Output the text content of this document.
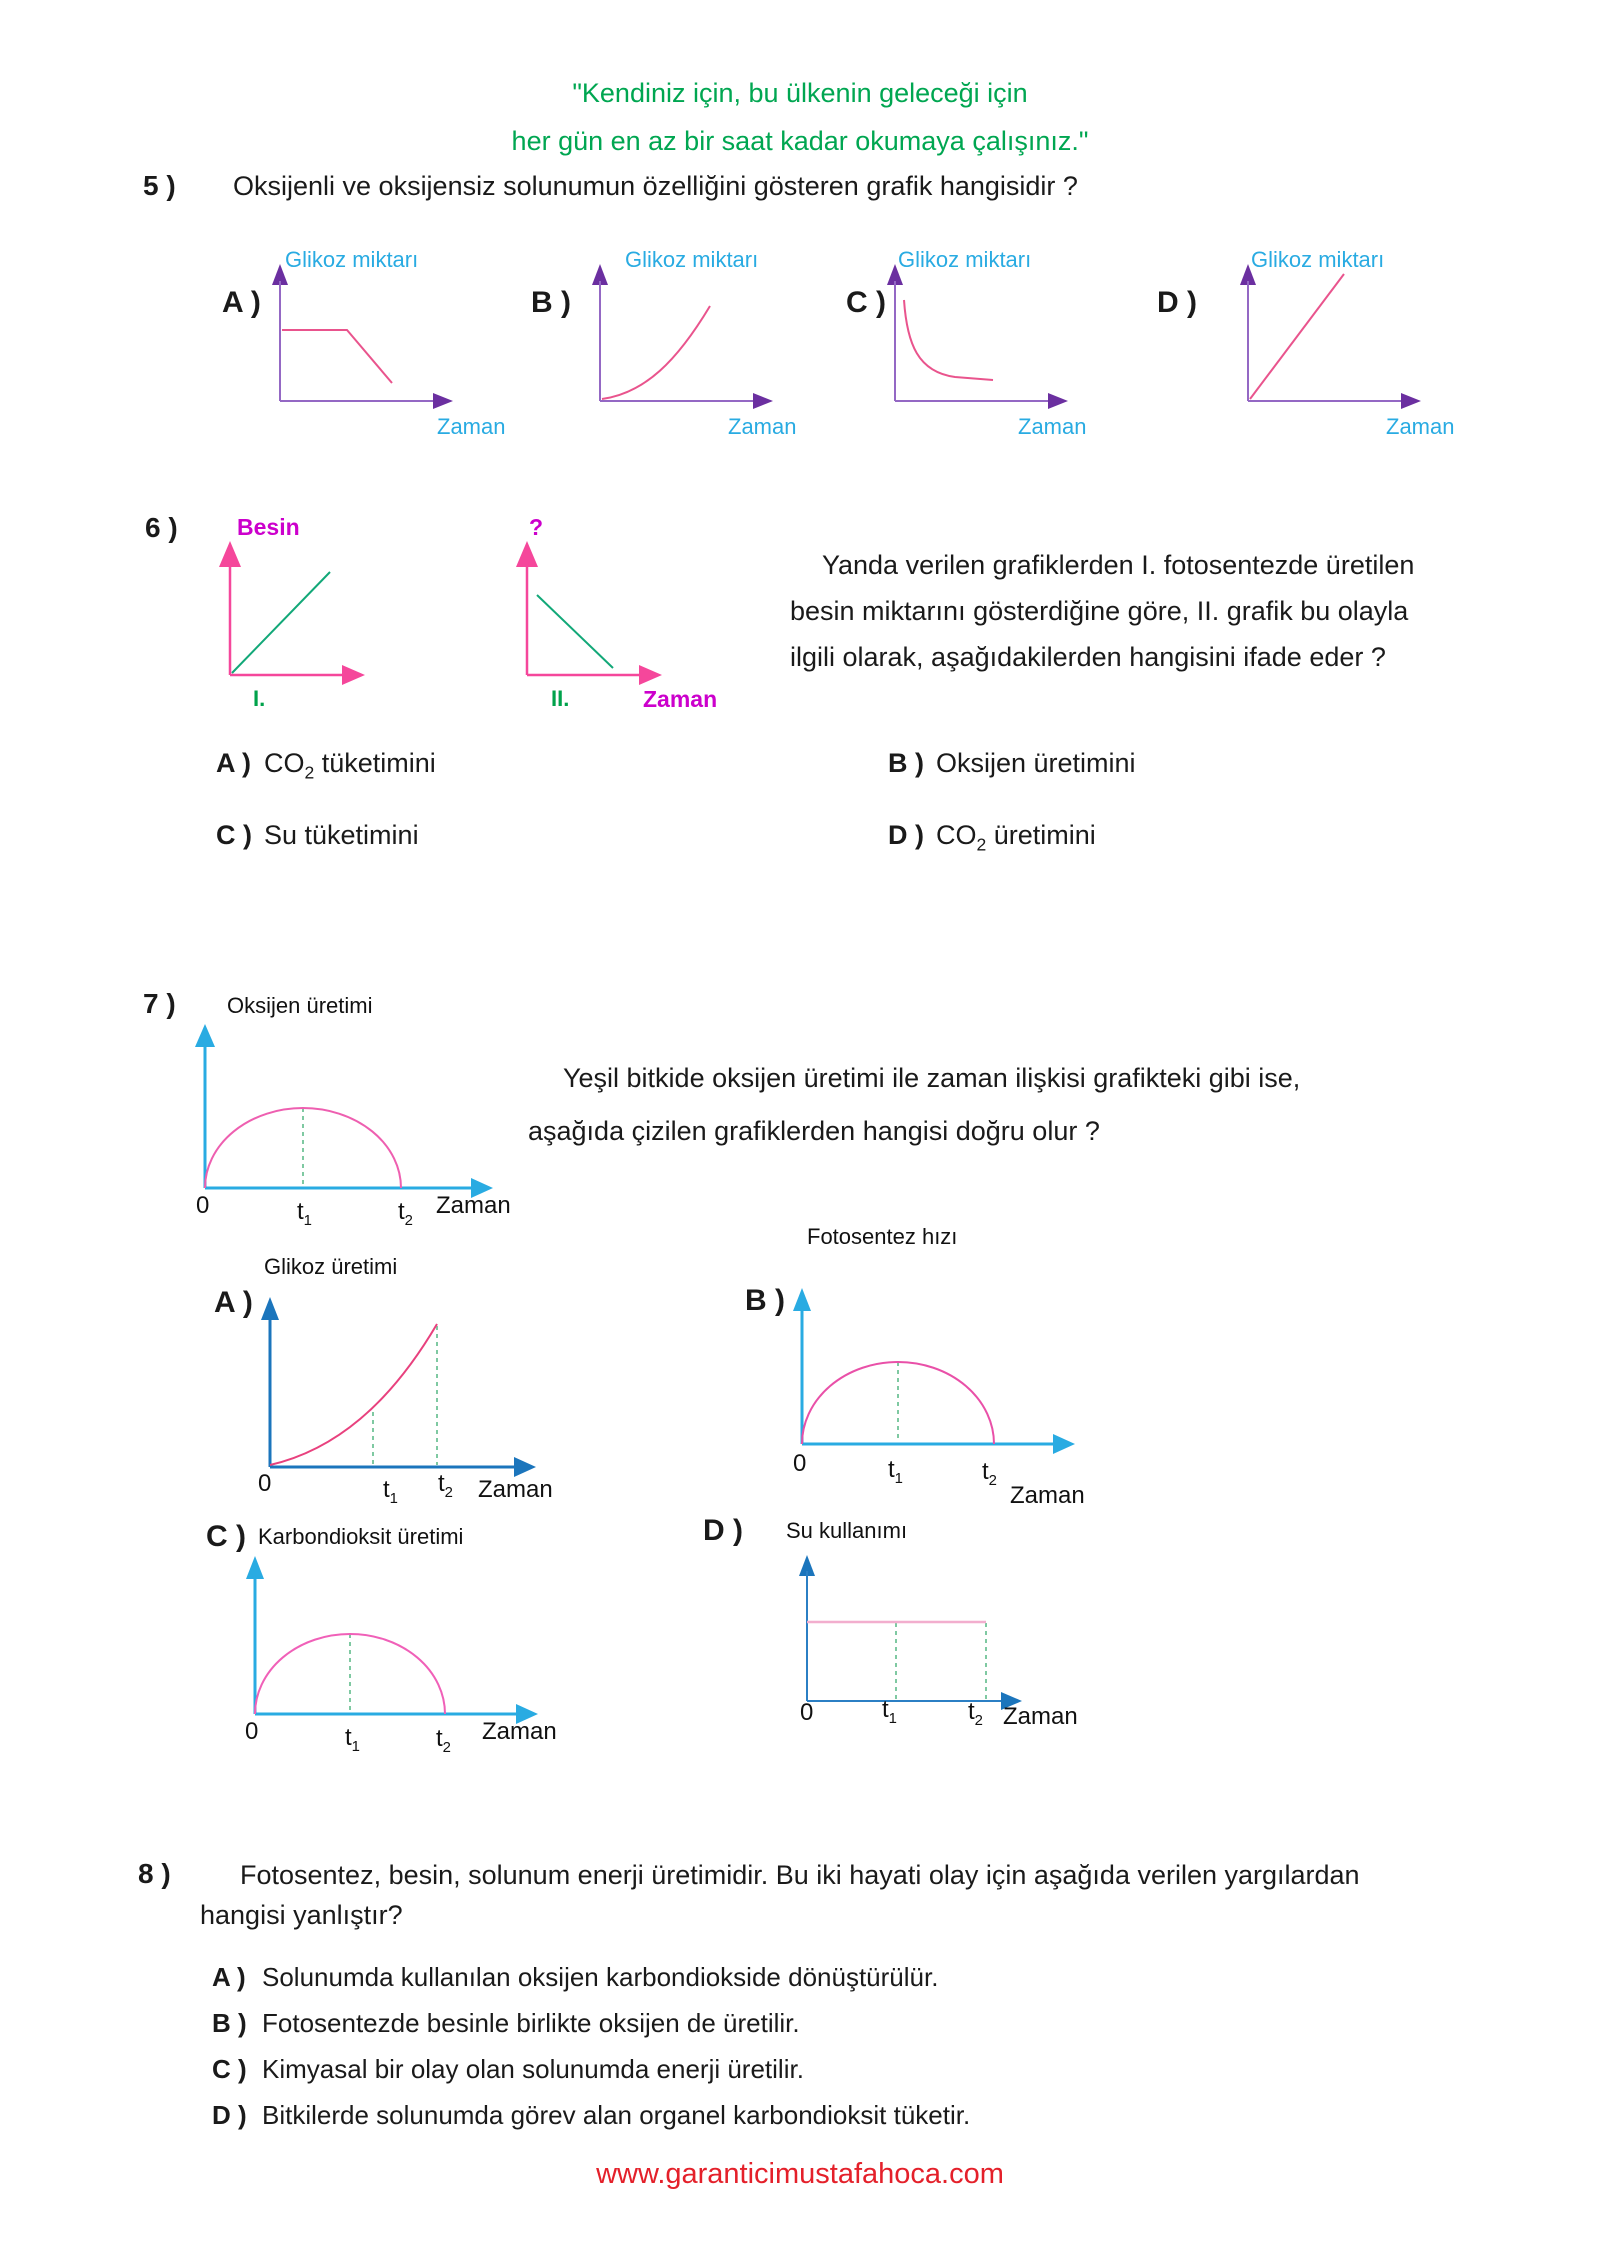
"Kendiniz için, bu ülkenin geleceği için
her gün en az bir saat kadar okumaya çalışınız."
5 ) Oksijenli ve oksijensiz solunumun özelliğini gösteren grafik hangisidir ?
Glikoz miktarı
A )
Zaman
Glikoz miktarı
B )
Zaman
Glikoz miktarı
C )
Zaman
Glikoz miktarı
D )
Zaman
6 )	Besin
I.
?
II.	Zaman
Yanda verilen grafiklerden I. fotosentezde üretilen
besin miktarını gösterdiğine göre, II. grafik bu olayla
ilgili olarak, aşağıdakilerden hangisini ifade eder ?
A ) $CO_2$ tüketimini	B ) Oksijen üretimini
C ) Su tüketimini	D ) $CO_2$ üretimini
7 ) Oksijen üretimi
0	$t_1$	$t_2$
Zaman
Yeşil bitkide oksijen üretimi ile zaman ilişkisi grafikteki gibi ise,
aşağıda çizilen grafiklerden hangisi doğru olur ?
Glikoz üretimi
A )
0	$t_1$
$t_2$ Zaman
Fotosentez hızı
B )
0	$t_1$	$t_2$
Zaman
C ) Karbondioksit üretimi
0	$t_1$	$t_2$
Zaman
D ) Su kullanımı
0	$t_1$	$t_2$ Zaman
8 )	Fotosentez, besin, solunum enerji üretimidir. Bu iki hayati olay için aşağıda verilen yargılardan
hangisi yanlıştır?
A ) Solunumda kullanılan oksijen karbondiokside dönüştürülür.
B ) Fotosentezde besinle birlikte oksijen de üretilir.
C ) Kimyasal bir olay olan solunumda enerji üretilir.
D ) Bitkilerde solunumda görev alan organel karbondioksit tüketir.
www.garanticimustafahoca.com
